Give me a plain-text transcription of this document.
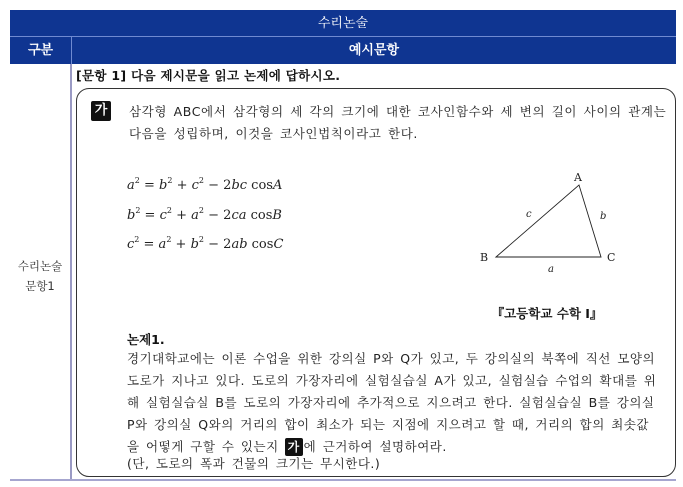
수리논술
구분	예시문항
수리논술
문항1
[문항 1] 다음 제시문을 읽고 논제에 답하시오.
가 삼각형 ABC에서 삼각형의 세 각의 크기에 대한 코사인함수와 세 변의 길이 사이의 관계는 다음을 성립하며, 이것을 코사인법칙이라고 한다.
$a^2 = b^2 + c^2 - 2bc$ cosA
$b^2 = c^2 + a^2 - 2ca$ cosB
$c^2 = a^2 + b^2 - 2ab$ cosC
A
B	C
c	b
a
『고등학교 수학 Ⅰ』
논제1.
경기대학교에는 이론 수업을 위한 강의실 P와 Q가 있고, 두 강의실의 북쪽에 직선 모양의
도로가 지나고 있다. 도로의 가장자리에 실험실습실 A가 있고, 실험실습 수업의 확대를 위
해 실험실습실 B를 도로의 가장자리에 추가적으로 지으려고 한다. 실험실습실 B를 강의실
P와 강의실 Q와의 거리의 합이 최소가 되는 지점에 지으려고 할 때, 거리의 합의 최솟값
을 어떻게 구할 수 있는지 가 에 근거하여 설명하여라.
(단, 도로의 폭과 건물의 크기는 무시한다.)
